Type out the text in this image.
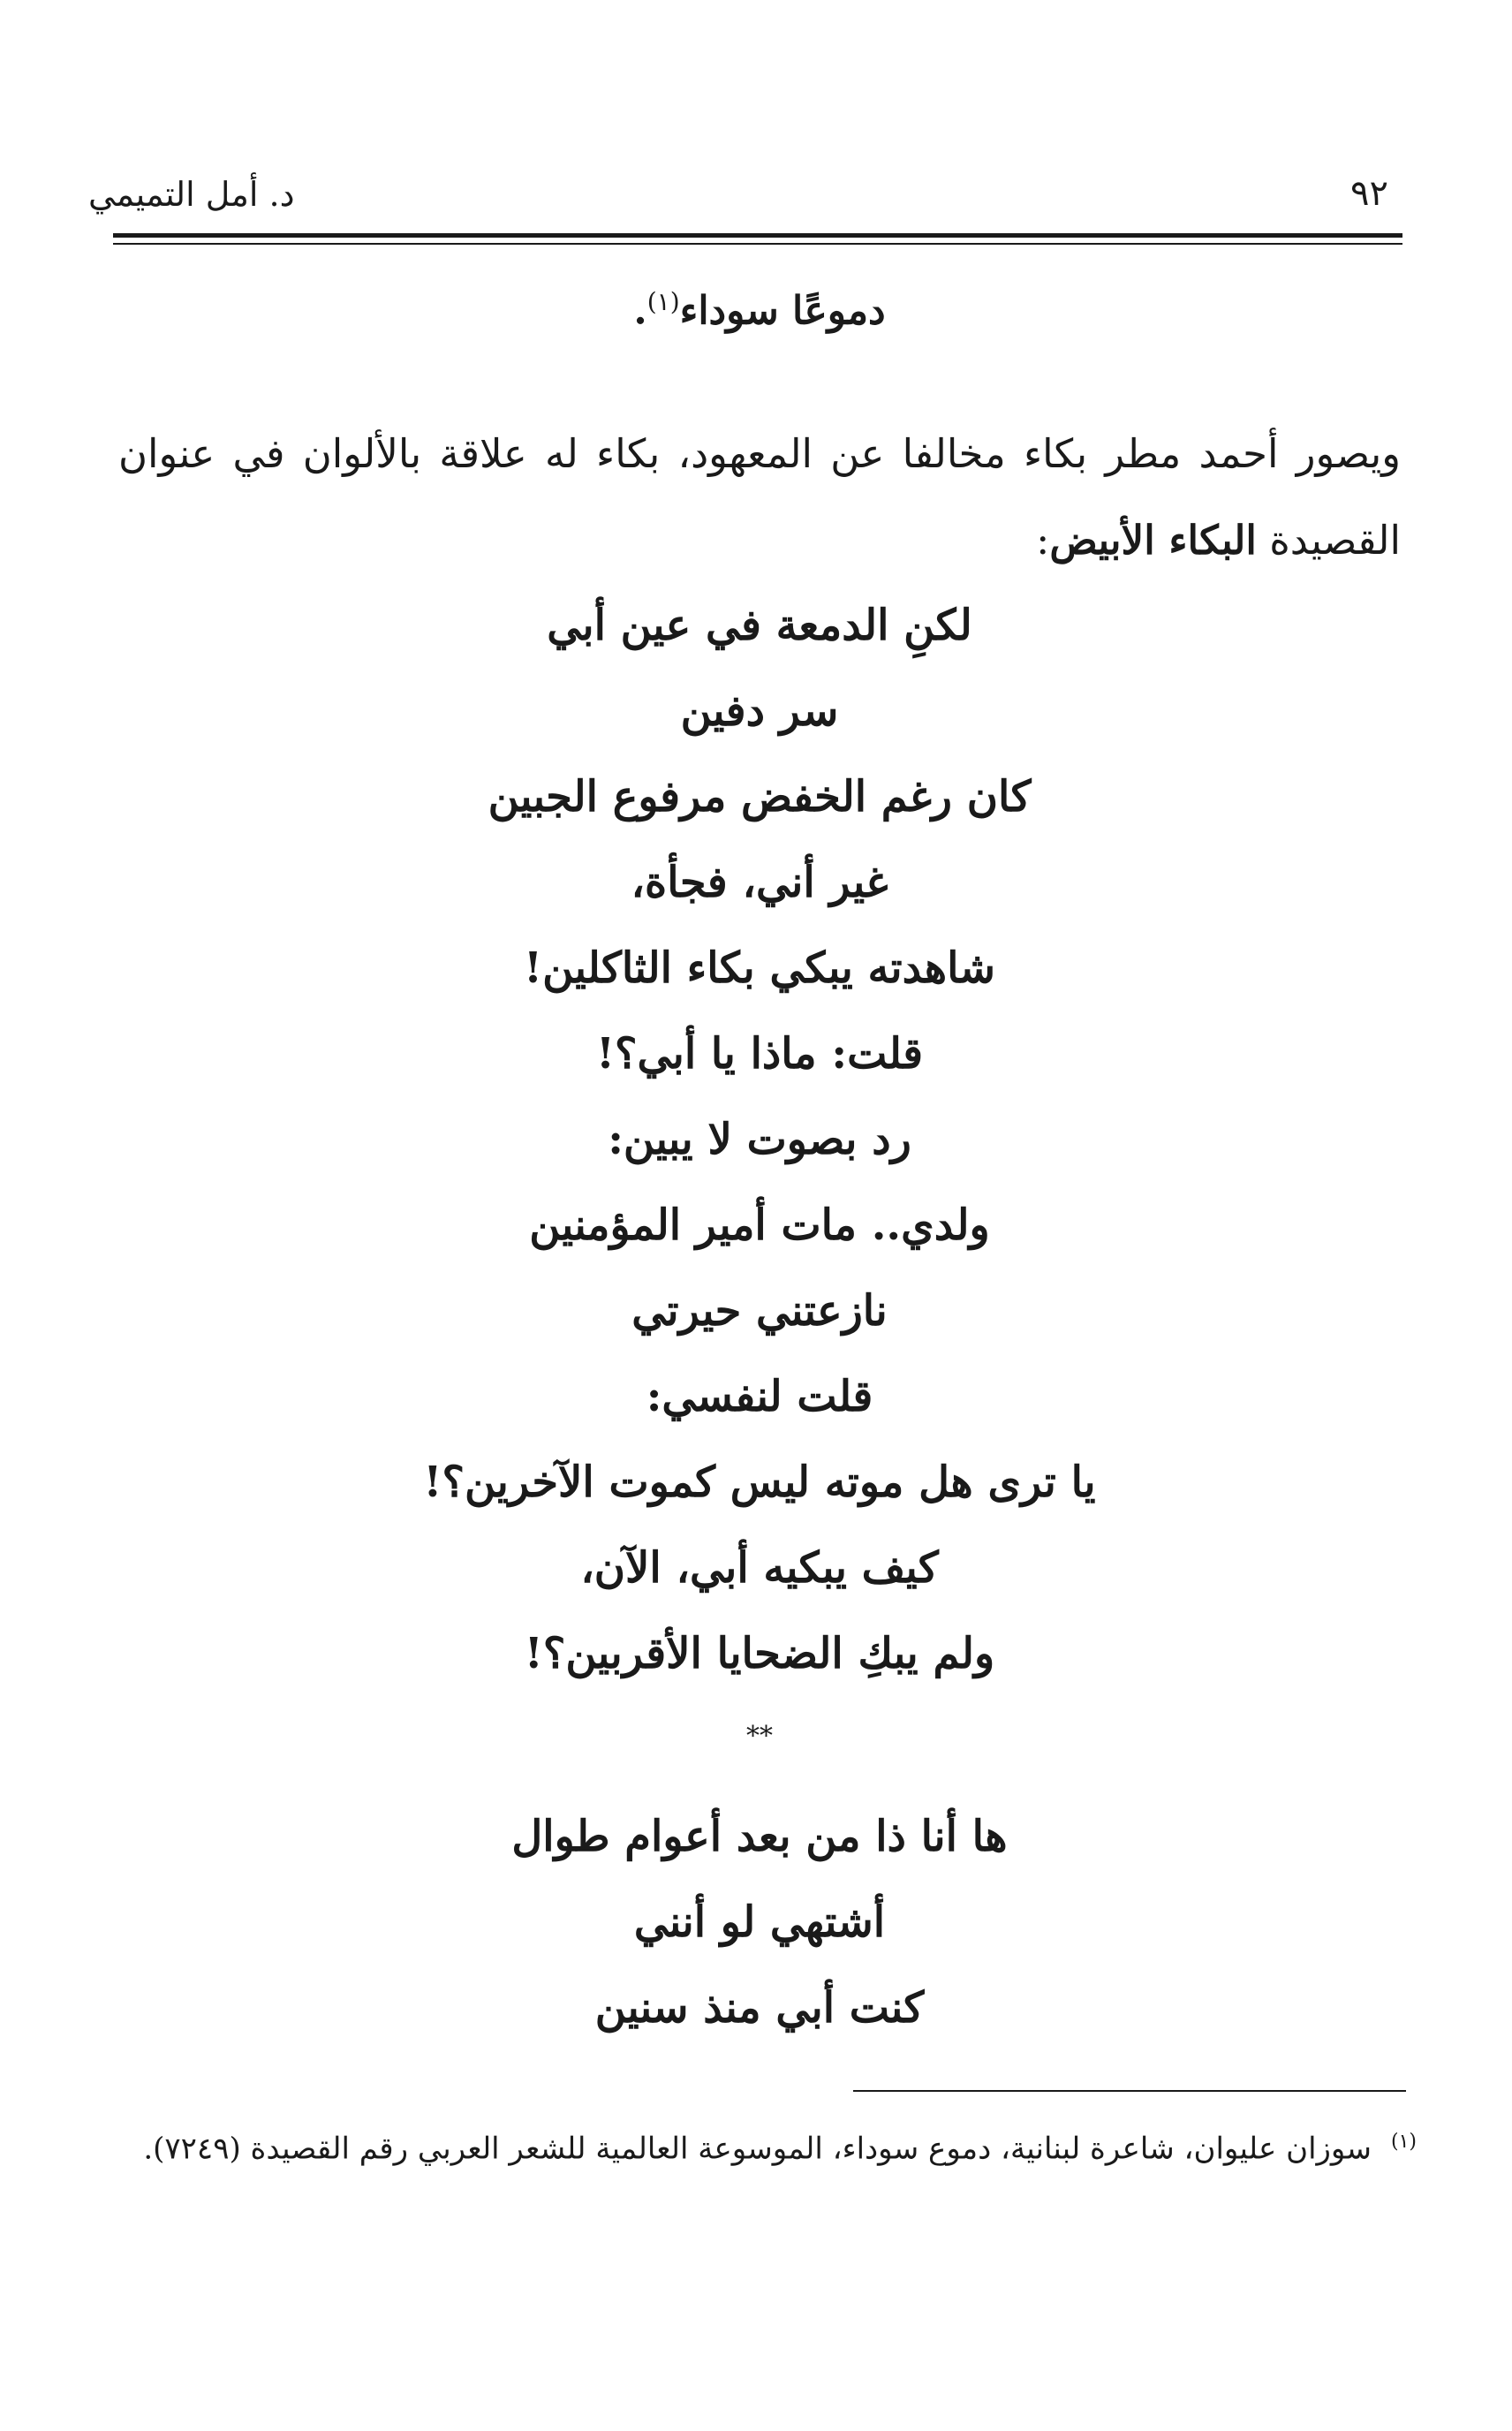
٩٢
د. أمل التميمي
دموعًا سوداء$^{(١)}$.
ويصور أحمد مطر بكاء مخالفا عن المعهود، بكاء له علاقة بالألوان في عنوان القصيدة البكاء الأبيض:
لكنِ الدمعة في عين أبي
سر دفين
كان رغم الخفض مرفوع الجبين
غير أني، فجأة،
شاهدته يبكي بكاء الثاكلين!
قلت: ماذا يا أبي؟!
رد بصوت لا يبين:
ولدي.. مات أمير المؤمنين
نازعتني حيرتي
قلت لنفسي:
يا ترى هل موته ليس كموت الآخرين؟!
كيف يبكيه أبي، الآن،
ولم يبكِ الضحايا الأقربين؟!
**
ها أنا ذا من بعد أعوام طوال
أشتهي لو أنني
كنت أبي منذ سنين
$^{(١)}$سوزان عليوان، شاعرة لبنانية، دموع سوداء، الموسوعة العالمية للشعر العربي رقم القصيدة (٧٢٤٩).
